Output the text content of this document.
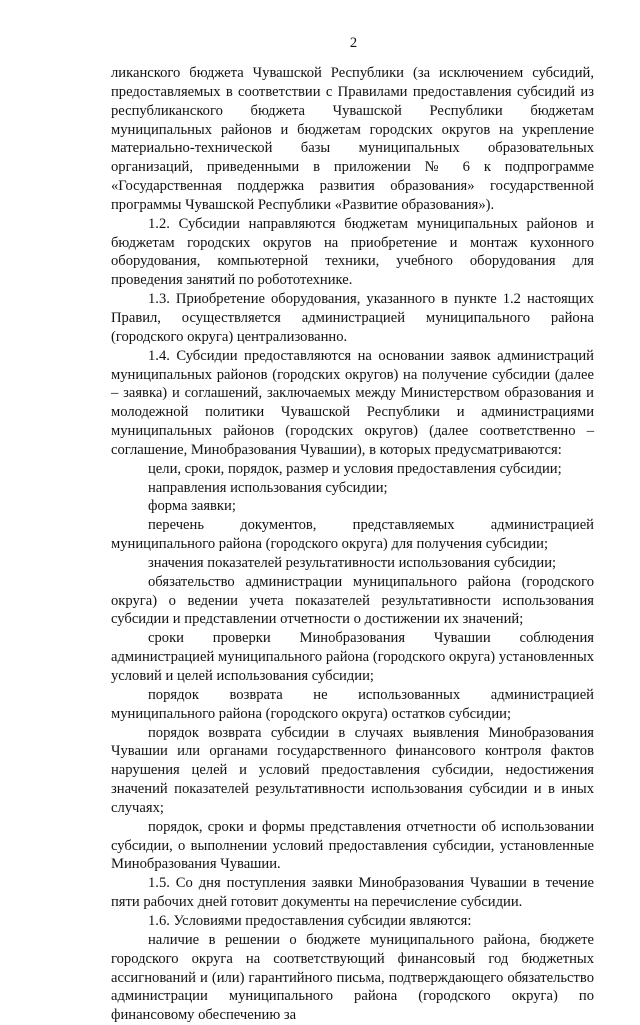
2

ликанского бюджета Чувашской Республики (за исключением субсидий, предоставляемых в соответствии с Правилами предоставления субсидий из республиканского бюджета Чувашской Республики бюджетам муниципальных районов и бюджетам городских округов на укрепление материально-технической базы муниципальных образовательных организаций, приведенными в приложении № 6 к подпрограмме «Государственная поддержка развития образования» государственной программы Чувашской Республики «Развитие образования»).

1.2. Субсидии направляются бюджетам муниципальных районов и бюджетам городских округов на приобретение и монтаж кухонного оборудования, компьютерной техники, учебного оборудования для проведения занятий по робототехнике.

1.3. Приобретение оборудования, указанного в пункте 1.2 настоящих Правил, осуществляется администрацией муниципального района (городского округа) централизованно.

1.4. Субсидии предоставляются на основании заявок администраций муниципальных районов (городских округов) на получение субсидии (далее – заявка) и соглашений, заключаемых между Министерством образования и молодежной политики Чувашской Республики и администрациями муниципальных районов (городских округов) (далее соответственно – соглашение, Минобразования Чувашии), в которых предусматриваются:

цели, сроки, порядок, размер и условия предоставления субсидии;

направления использования субсидии;

форма заявки;

перечень документов, представляемых администрацией муниципального района (городского округа) для получения субсидии;

значения показателей результативности использования субсидии;

обязательство администрации муниципального района (городского округа) о ведении учета показателей результативности использования субсидии и представлении отчетности о достижении их значений;

сроки проверки Минобразования Чувашии соблюдения администрацией муниципального района (городского округа) установленных условий и целей использования субсидии;

порядок возврата не использованных администрацией муниципального района (городского округа) остатков субсидии;

порядок возврата субсидии в случаях выявления Минобразования Чувашии или органами государственного финансового контроля фактов нарушения целей и условий предоставления субсидии, недостижения значений показателей результативности использования субсидии и в иных случаях;

порядок, сроки и формы представления отчетности об использовании субсидии, о выполнении условий предоставления субсидии, установленные Минобразования Чувашии.

1.5. Со дня поступления заявки Минобразования Чувашии в течение пяти рабочих дней готовит документы на перечисление субсидии.

1.6. Условиями предоставления субсидии являются:

наличие в решении о бюджете муниципального района, бюджете городского округа на соответствующий финансовый год бюджетных ассигнований и (или) гарантийного письма, подтверждающего обязательство администрации муниципального района (городского округа) по финансовому обеспечению за
